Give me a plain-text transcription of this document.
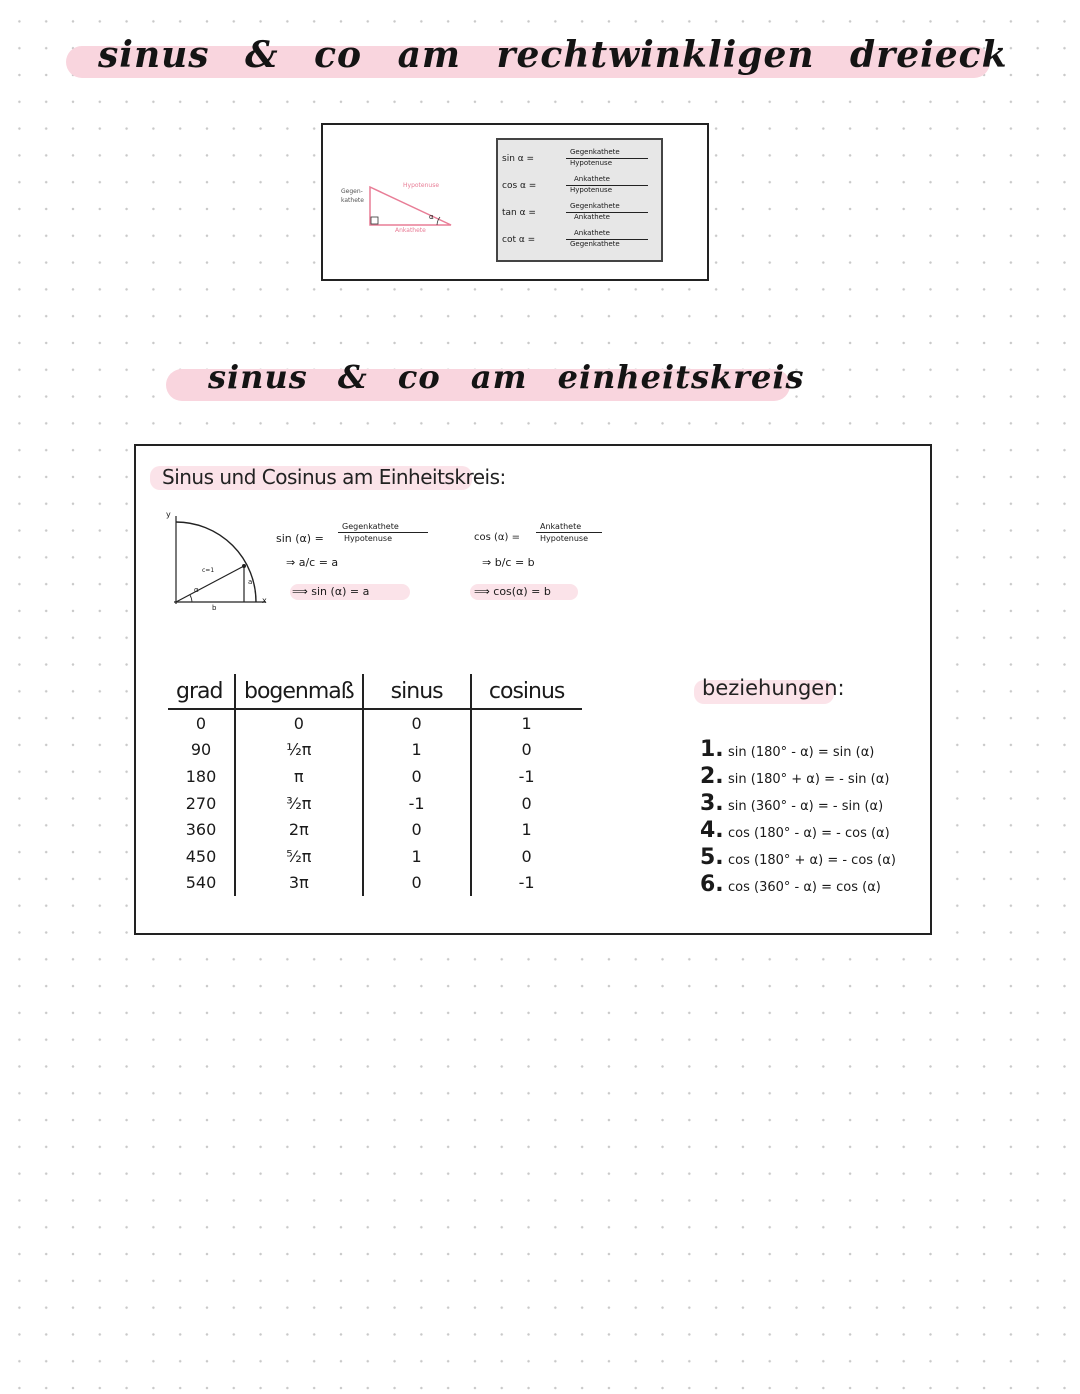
sinus & co am rechtwinkligen dreieck
Gegen-
kathete
Hypotenuse
Ankathete
α
sin α =
Gegenkathete
Hypotenuse
cos α =
Ankathete
Hypotenuse
tan α =
Gegenkathete
Ankathete
cot α =
Ankathete
Gegenkathete
sinus & co am einheitskreis
Sinus und Cosinus am Einheitskreis:
y
x
c=1
α
a
b
sin (α) =
Gegenkathete
Hypotenuse
⇒ a/c = a
⟹ sin (α) = a
cos (α) =
Ankathete
Hypotenuse
⇒ b/c = b
⟹ cos(α) = b
grad	bogenmaß	sinus	cosinus
0	0	0	1
90	½π	1	0
180	π	0	-1
270	³⁄₂π	-1	0
360	2π	0	1
450	⁵⁄₂π	1	0
540	3π	0	-1
beziehungen:
1. sin (180° - α) = sin (α)
2. sin (180° + α) = - sin (α)
3. sin (360° - α) = - sin (α)
4. cos (180° - α) = - cos (α)
5. cos (180° + α) = - cos (α)
6. cos (360° - α) = cos (α)
